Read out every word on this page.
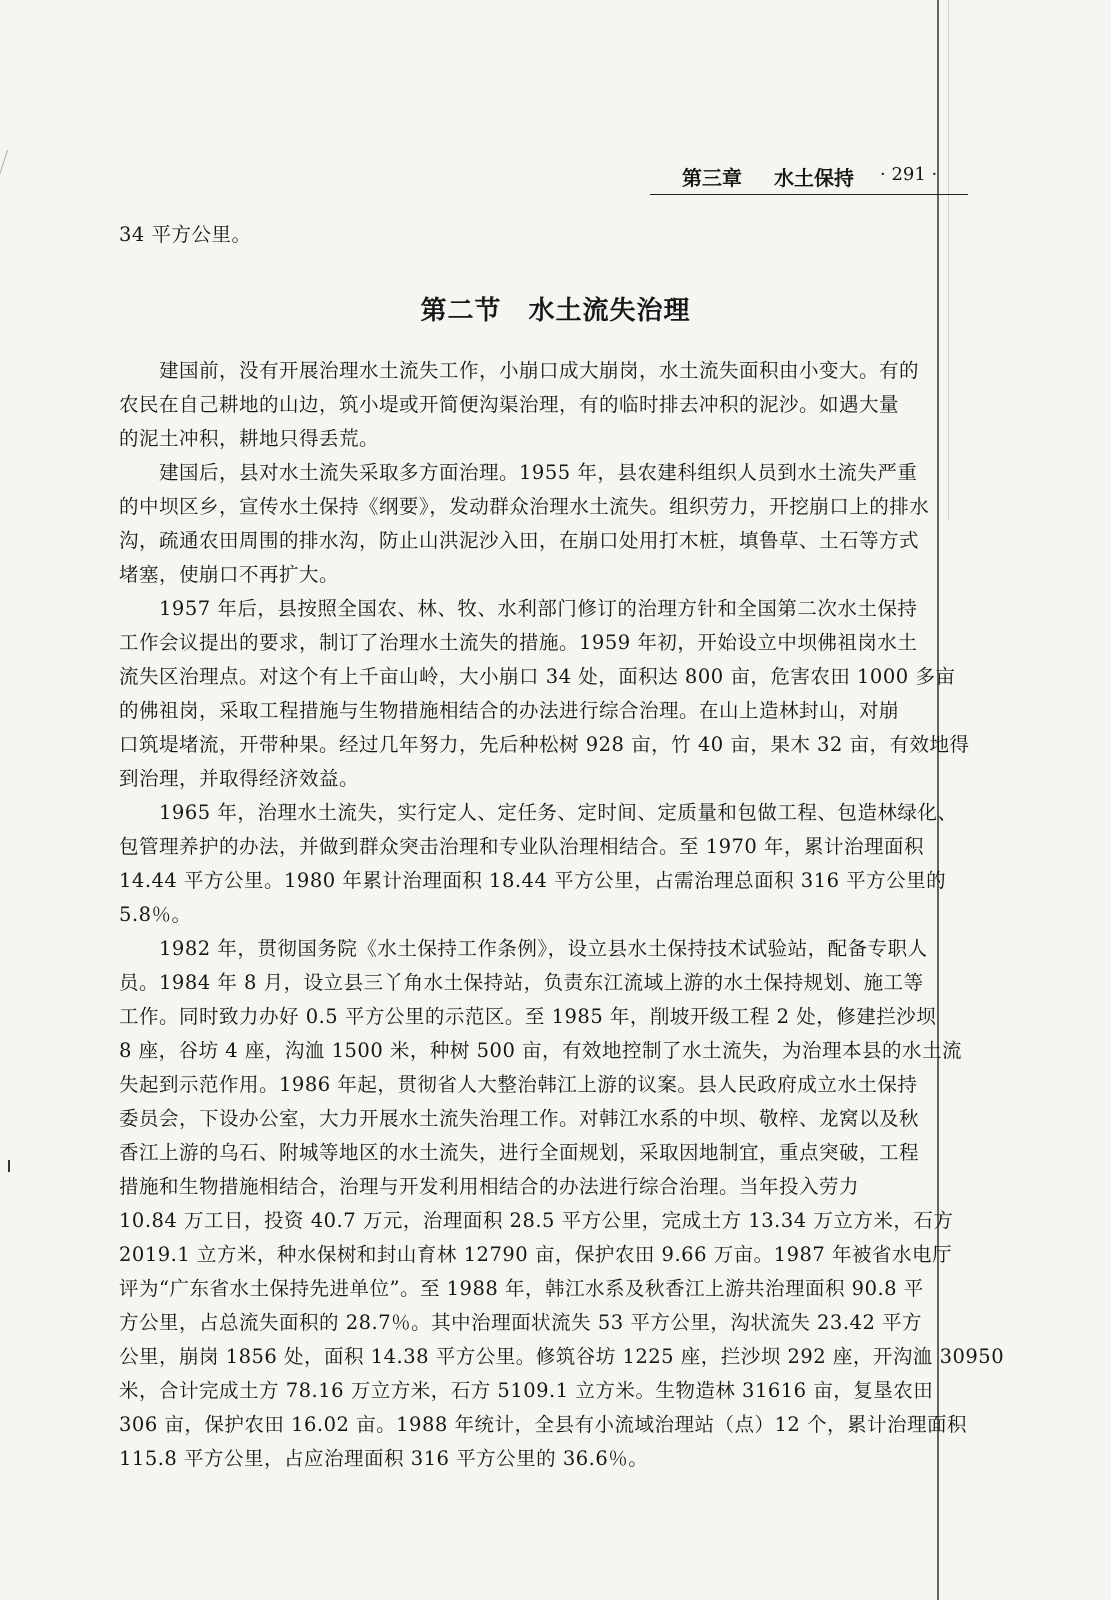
第三章 水土保持 · 291 ·
34 平方公里。
第二节　水土流失治理
　　建国前，没有开展治理水土流失工作，小崩口成大崩岗，水土流失面积由小变大。有的
农民在自己耕地的山边，筑小堤或开简便沟渠治理，有的临时排去冲积的泥沙。如遇大量
的泥土冲积，耕地只得丢荒。
　　建国后，县对水土流失采取多方面治理。1955 年，县农建科组织人员到水土流失严重
的中坝区乡，宣传水土保持《纲要》，发动群众治理水土流失。组织劳力，开挖崩口上的排水
沟，疏通农田周围的排水沟，防止山洪泥沙入田，在崩口处用打木桩，填鲁草、土石等方式
堵塞，使崩口不再扩大。
　　1957 年后，县按照全国农、林、牧、水利部门修订的治理方针和全国第二次水土保持
工作会议提出的要求，制订了治理水土流失的措施。1959 年初，开始设立中坝佛祖岗水土
流失区治理点。对这个有上千亩山岭，大小崩口 34 处，面积达 800 亩，危害农田 1000 多亩
的佛祖岗，采取工程措施与生物措施相结合的办法进行综合治理。在山上造林封山，对崩
口筑堤堵流，开带种果。经过几年努力，先后种松树 928 亩，竹 40 亩，果木 32 亩，有效地得
到治理，并取得经济效益。
　　1965 年，治理水土流失，实行定人、定任务、定时间、定质量和包做工程、包造林绿化、
包管理养护的办法，并做到群众突击治理和专业队治理相结合。至 1970 年，累计治理面积
14.44 平方公里。1980 年累计治理面积 18.44 平方公里，占需治理总面积 316 平方公里的
5.8％。
　　1982 年，贯彻国务院《水土保持工作条例》，设立县水土保持技术试验站，配备专职人
员。1984 年 8 月，设立县三丫角水土保持站，负责东江流域上游的水土保持规划、施工等
工作。同时致力办好 0.5 平方公里的示范区。至 1985 年，削坡开级工程 2 处，修建拦沙坝
8 座，谷坊 4 座，沟洫 1500 米，种树 500 亩，有效地控制了水土流失，为治理本县的水土流
失起到示范作用。1986 年起，贯彻省人大整治韩江上游的议案。县人民政府成立水土保持
委员会，下设办公室，大力开展水土流失治理工作。对韩江水系的中坝、敬梓、龙窝以及秋
香江上游的乌石、附城等地区的水土流失，进行全面规划，采取因地制宜，重点突破，工程
措施和生物措施相结合，治理与开发利用相结合的办法进行综合治理。当年投入劳力
10.84 万工日，投资 40.7 万元，治理面积 28.5 平方公里，完成土方 13.34 万立方米，石方
2019.1 立方米，种水保树和封山育林 12790 亩，保护农田 9.66 万亩。1987 年被省水电厅
评为“广东省水土保持先进单位”。至 1988 年，韩江水系及秋香江上游共治理面积 90.8 平
方公里，占总流失面积的 28.7％。其中治理面状流失 53 平方公里，沟状流失 23.42 平方
公里，崩岗 1856 处，面积 14.38 平方公里。修筑谷坊 1225 座，拦沙坝 292 座，开沟洫 30950
米，合计完成土方 78.16 万立方米，石方 5109.1 立方米。生物造林 31616 亩，复垦农田
306 亩，保护农田 16.02 亩。1988 年统计，全县有小流域治理站（点）12 个，累计治理面积
115.8 平方公里，占应治理面积 316 平方公里的 36.6％。
